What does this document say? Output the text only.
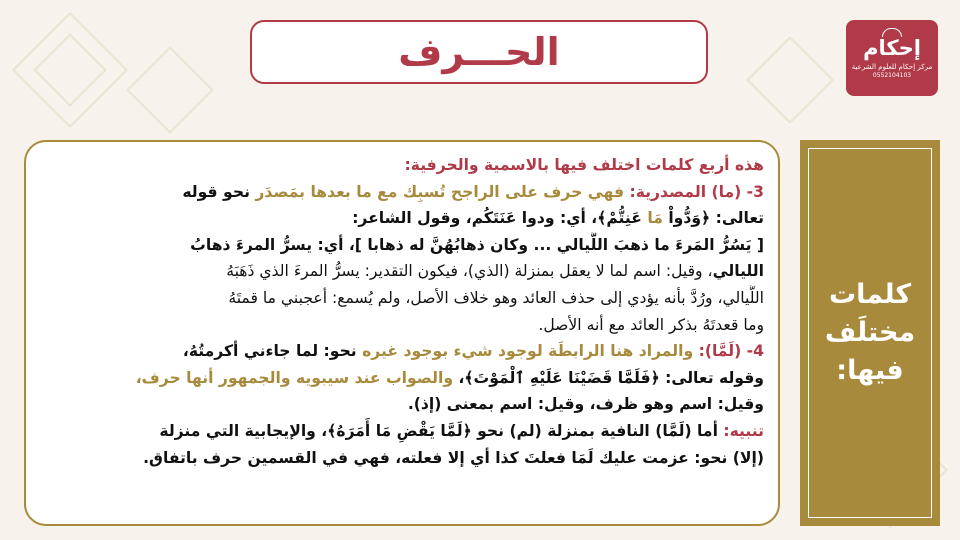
الحـــرف	إحكام
مركز إحكام للعلوم الشرعية
0552104103
هذه أربع كلمات اختلف فيها بالاسمية والحرفية:
3- (ما) المصدرية: فهي حرف على الراجح تُسبِك مع ما بعدها بمَصدَر نحو قوله
تعالى: ﴿وَدُّواْ مَا عَنِتُّمْ﴾، أي: ودوا عَنَتَكُم، وقول الشاعر:
[ يَسُرُّ المَرءَ ما ذهبَ اللَّيالي ... وكان ذهابُهُنَّ له ذهابا ]، أي: يسرُّ المرءَ ذهابُ
الليالي، وقيل: اسم لما لا يعقل بمنزلة (الذي)، فيكون التقدير: يسرُّ المرءَ الذي ذَهَبَهُ
اللَّيالي، ورُدَّ بأنه يؤدي إلى حذف العائد وهو خلاف الأصل، ولم يُسمع: أعجبني ما قمتَهُ
وما قعدتَهُ بذكر العائد مع أنه الأصل.
4- (لَمَّا): والمراد هنا الرابطَة لوجود شيء بوجود غيره نحو: لما جاءني أكرمتُهُ،
وقوله تعالى: ﴿فَلَمَّا قَضَيْنَا عَلَيْهِ ٱلْمَوْتَ﴾، والصواب عند سيبويه والجمهور أنها حرف،
وقيل: اسم وهو ظرف، وقيل: اسم بمعنى (إذ).
تنبيه: أما (لَمَّا) النافية بمنزلة (لم) نحو ﴿لَمَّا يَقْضِ مَا أَمَرَهُ﴾، والإيجابية التي منزلة
(إلا) نحو: عزمت عليك لَمَا فعلتَ كذا أي إلا فعلته، فهي في القسمين حرف باتفاق.
كلمات
مختلَف
فيها:
